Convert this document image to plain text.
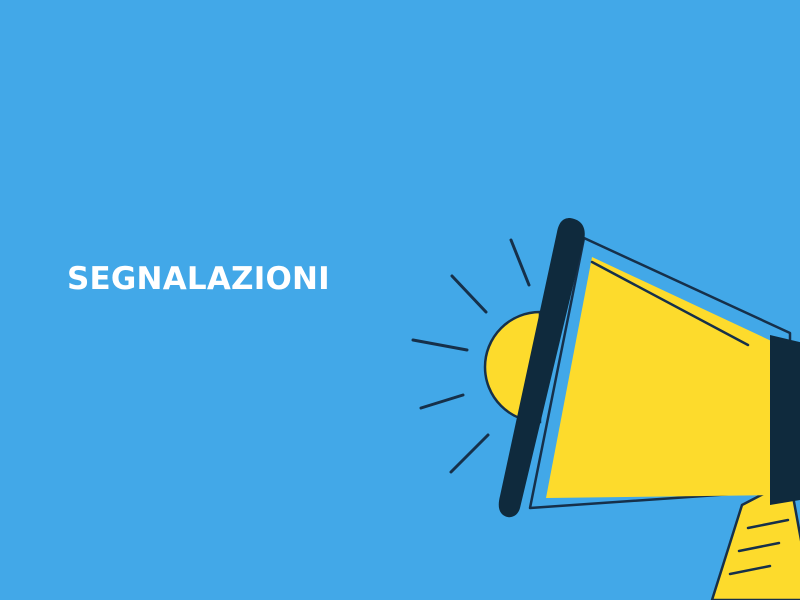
SEGNALAZIONI
